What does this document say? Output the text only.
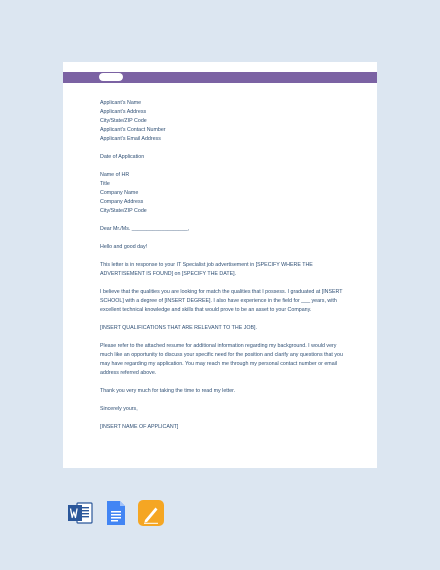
Applicant’s Name
Applicant’s Address
City/State/ZIP Code
Applicant’s Contact Number
Applicant’s Email Address

Date of Application

Name of HR
Title
Company Name
Company Address
City/State/ZIP Code

Dear Mr./Ms. ___________________,

Hello and good day!

This letter is in response to your IT Specialist job advertisement in [SPECIFY WHERE THE ADVERTISEMENT IS FOUND] on [SPECIFY THE DATE].

I believe that the qualities you are looking for match the qualities that I possess. I graduated at [INSERT SCHOOL] with a degree of [INSERT DEGREE]. I also have experience in the field for ___ years, with excellent technical knowledge and skills that would prove to be an asset to your Company.

[INSERT QUALIFICATIONS THAT ARE RELEVANT TO THE JOB].

Please refer to the attached resume for additional information regarding my background. I would very much like an opportunity to discuss your specific need for the position and clarify any questions that you may have regarding my application. You may reach me through my personal contact number or email address referred above.

Thank you very much for taking the time to read my letter.

Sincerely yours,

[INSERT NAME OF APPLICANT]
